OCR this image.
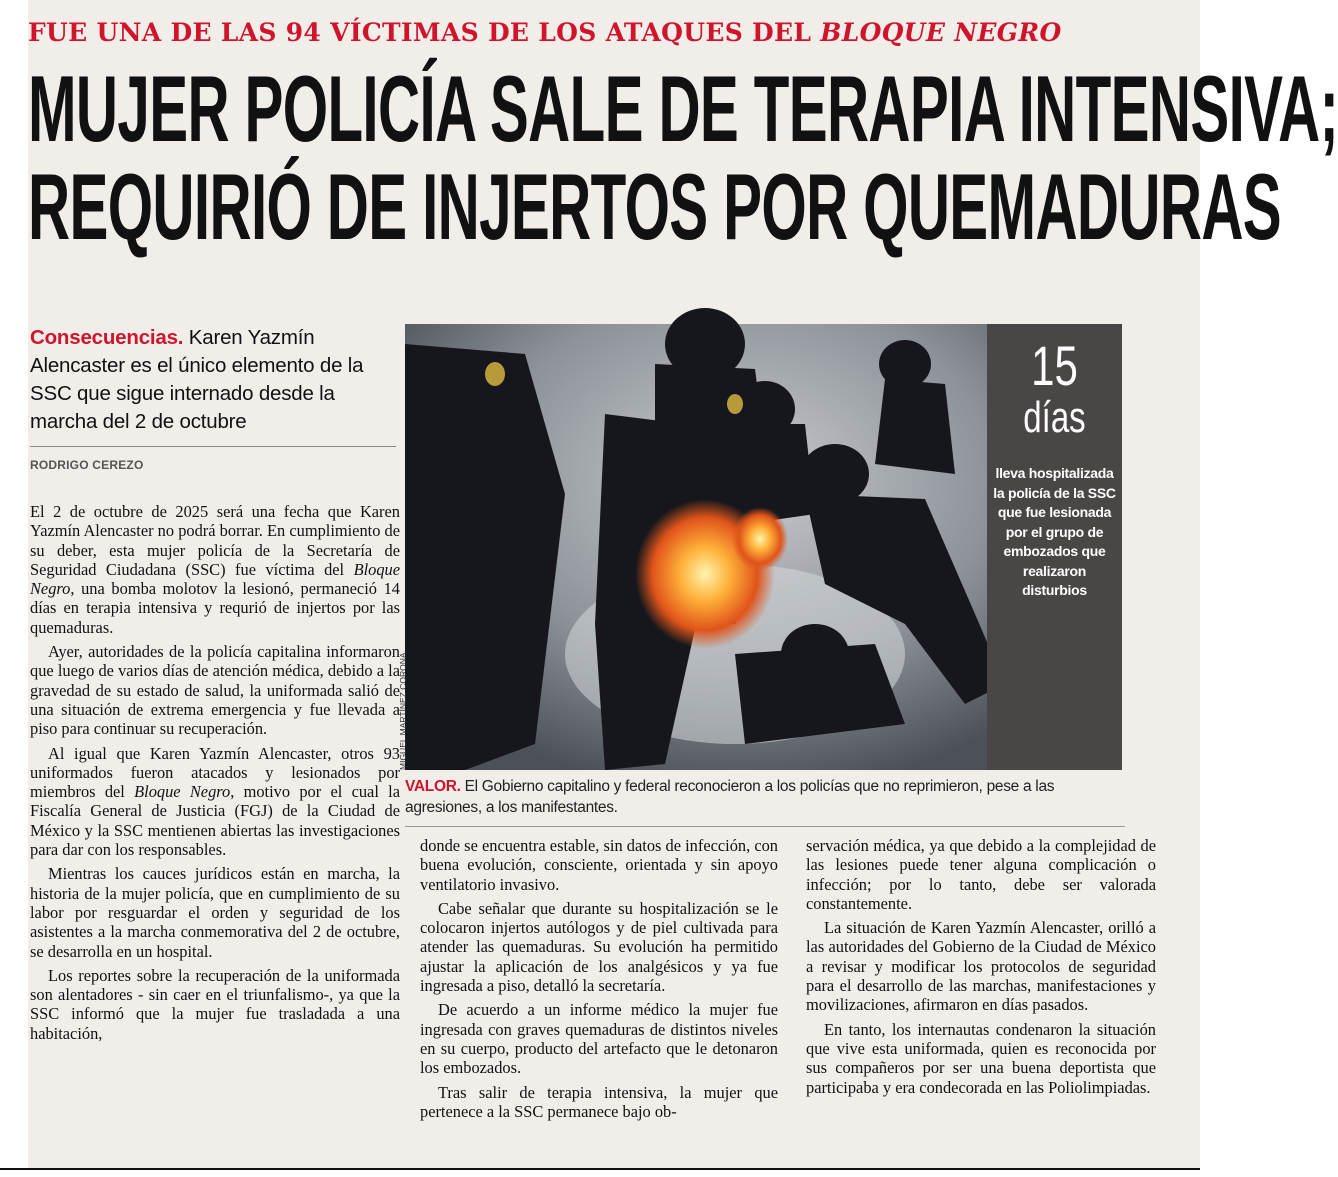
FUE UNA DE LAS 94 VÍCTIMAS DE LOS ATAQUES DEL BLOQUE NEGRO
MUJER POLICÍA SALE DE TERAPIA INTENSIVA;
REQUIRIÓ DE INJERTOS POR QUEMADURAS
Consecuencias. Karen Yazmín Alencaster es el único elemento de la SSC que sigue internado desde la marcha del 2 de octubre
RODRIGO CEREZO

El 2 de octubre de 2025 será una fecha que Karen Yazmín Alencaster no podrá borrar. En cumplimiento de su deber, esta mujer policía de la Secretaría de Seguridad Ciudadana (SSC) fue víctima del Bloque Negro, una bomba molotov la lesionó, permaneció 14 días en terapia intensiva y requrió de injertos por las quemaduras.

Ayer, autoridades de la policía capitalina informaron que luego de varios días de atención médica, debido a la gravedad de su estado de salud, la uniformada salió de una situación de extrema emergencia y fue llevada a piso para continuar su recuperación.

Al igual que Karen Yazmín Alencaster, otros 93 uniformados fueron atacados y lesionados por miembros del Bloque Negro, motivo por el cual la Fiscalía General de Justicia (FGJ) de la Ciudad de México y la SSC mentienen abiertas las investigaciones para dar con los responsables.

Mientras los cauces jurídicos están en marcha, la historia de la mujer policía, que en cumplimiento de su labor por resguardar el orden y seguridad de los asistentes a la marcha conmemorativa del 2 de octubre, se desarrolla en un hospital.

Los reportes sobre la recuperación de la uniformada son alentadores - sin caer en el triunfalismo-, ya que la SSC informó que la mujer fue trasladada a una habitación,

MIGUEL MARTÍNEZ CORONA
15
días
lleva hospitalizada la policía de la SSC que fue lesionada por el grupo de embozados que realizaron disturbios
VALOR. El Gobierno capitalino y federal reconocieron a los policías que no reprimieron, pese a las agresiones, a los manifestantes.

donde se encuentra estable, sin datos de infección, con buena evolución, consciente, orientada y sin apoyo ventilatorio invasivo.

Cabe señalar que durante su hospitalización se le colocaron injertos autólogos y de piel cultivada para atender las quemaduras. Su evolución ha permitido ajustar la aplicación de los analgésicos y ya fue ingresada a piso, detalló la secretaría.

De acuerdo a un informe médico la mujer fue ingresada con graves quemaduras de distintos niveles en su cuerpo, producto del artefacto que le detonaron los embozados.

Tras salir de terapia intensiva, la mujer que pertenece a la SSC permanece bajo ob-

servación médica, ya que debido a la complejidad de las lesiones puede tener alguna complicación o infección; por lo tanto, debe ser valorada constantemente.

La situación de Karen Yazmín Alencaster, orilló a las autoridades del Gobierno de la Ciudad de México a revisar y modificar los protocolos de seguridad para el desarrollo de las marchas, manifestaciones y movilizaciones, afirmaron en días pasados.

En tanto, los internautas condenaron la situación que vive esta uniformada, quien es reconocida por sus compañeros por ser una buena deportista que participaba y era condecorada en las Poliolimpiadas.
